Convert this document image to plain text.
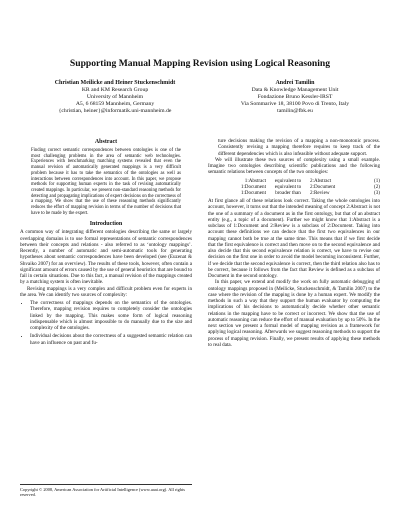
Supporting Manual Mapping Revision using Logical Reasoning
Christian Meilicke and Heiner Stuckenschmidt
KR and KM Research Group
University of Mannheim
A5, 6 68159 Mannheim, Germany
{christian, heiner}@informatik.uni-mannheim.de
Andrei Tamilin
Data & Knowledge Management Unit
Fondazione Bruno Kessler-IRST
Via Sommarive 18, 38100 Povo di Trento, Italy
tamilin@fbk.eu
Abstract

Finding correct semantic correspondences between ontologies is one of the most challenging problems in the area of semantic web technologies. Experiences with benchmarking matching systems revealed that even the manual revision of automatically generated mappings is a very difficult problem because it has to take the semantics of the ontologies as well as interactions between correspondences into account. In this paper, we propose methods for supporting human experts in the task of revising automatically created mappings. In particular, we present non-standard reasoning methods for detecting and propagating implications of expert decisions on the correctness of a mapping. We show that the use of these reasoning methods significantly reduces the effort of mapping revision in terms of the number of decisions that have to be made by the expert.

Introduction

A common way of integrating different ontologies describing the same or largely overlapping domains is to use formal representations of semantic correspondences between their concepts and relations - also referred to as ‘ontology mappings’. Recently, a number of automatic and semi-automatic tools for generating hypotheses about semantic correspondences have been developed (see (Euzenat & Shvaiko 2007) for an overview). The results of these tools, however, often contain a significant amount of errors caused by the use of general heuristics that are bound to fail in certain situations. Due to this fact, a manual revision of the mappings created by a matching system is often inevitable.

Revising mappings is a very complex and difficult problem even for experts in the area. We can identify two sources of complexity:

• The correctness of mappings depends on the semantics of the ontologies. Therefore, mapping revision requires to completely consider the ontologies linked by the mapping. This makes some form of logical reasoning indispensable which is almost impossible to do manually due to the size and complexity of the ontologies.
• Individual decisions about the correctness of a suggested semantic relation can have an influence on past and fu-

ture decisions making the revision of a mapping a non-monotonic process. Consistently revising a mapping therefore requires to keep track of the different dependencies which is also infeasible without adequate support.

We will illustrate these two sources of complexity using a small example. Imagine two ontologies describing scientific publications and the following semantic relations between concepts of the two ontologies:

1:Abstract	equivalent to	2:Abstract	(1)
1:Document	equivalent to	2:Document	(2)
1:Document	broader than	2:Review	(3)

At first glance all of these relations look correct. Taking the whole ontologies into account, however, it turns out that the intended meaning of concept 2:Abstract is not the one of a summary of a document as in the first ontology, but that of an abstract entity (e.g., a topic of a document). Further we might know that 1:Abstract is a subclass of 1:Document and 2:Review is a subclass of 2:Document. Taking into account these definitions we can deduce that the first two equivalences in our mapping cannot both be true at the same time. This means that if we first decide that the first equivalence is correct and then move on to the second equivalence and also decide that this second equivalence relation is correct, we have to revise our decision on the first one in order to avoid the model becoming inconsistent. Further, if we decide that the second equivalence is correct, then the third relation also has to be correct, because it follows from the fact that Review is defined as a subclass of Document in the second ontology.

In this paper, we extend and modify the work on fully automatic debugging of ontology mappings proposed in (Meilicke, Stuckenschmidt, & Tamilin 2007) to the case where the revision of the mapping is done by a human expert. We modify the methods in such a way that they support the human evaluator by computing the implications of his decisions to automatically decide whether other semantic relations in the mapping have to be correct or incorrect. We show that the use of automatic reasoning can reduce the effort of manual evaluation by up to 50%. In the next section we present a formal model of mapping revision as a framework for applying logical reasoning. Afterwards we suggest reasoning methods to support the process of mapping revision. Finally, we present results of applying these methods to real data.

Copyright © 2008, American Association for Artificial Intelligence (www.aaai.org). All rights reserved.
